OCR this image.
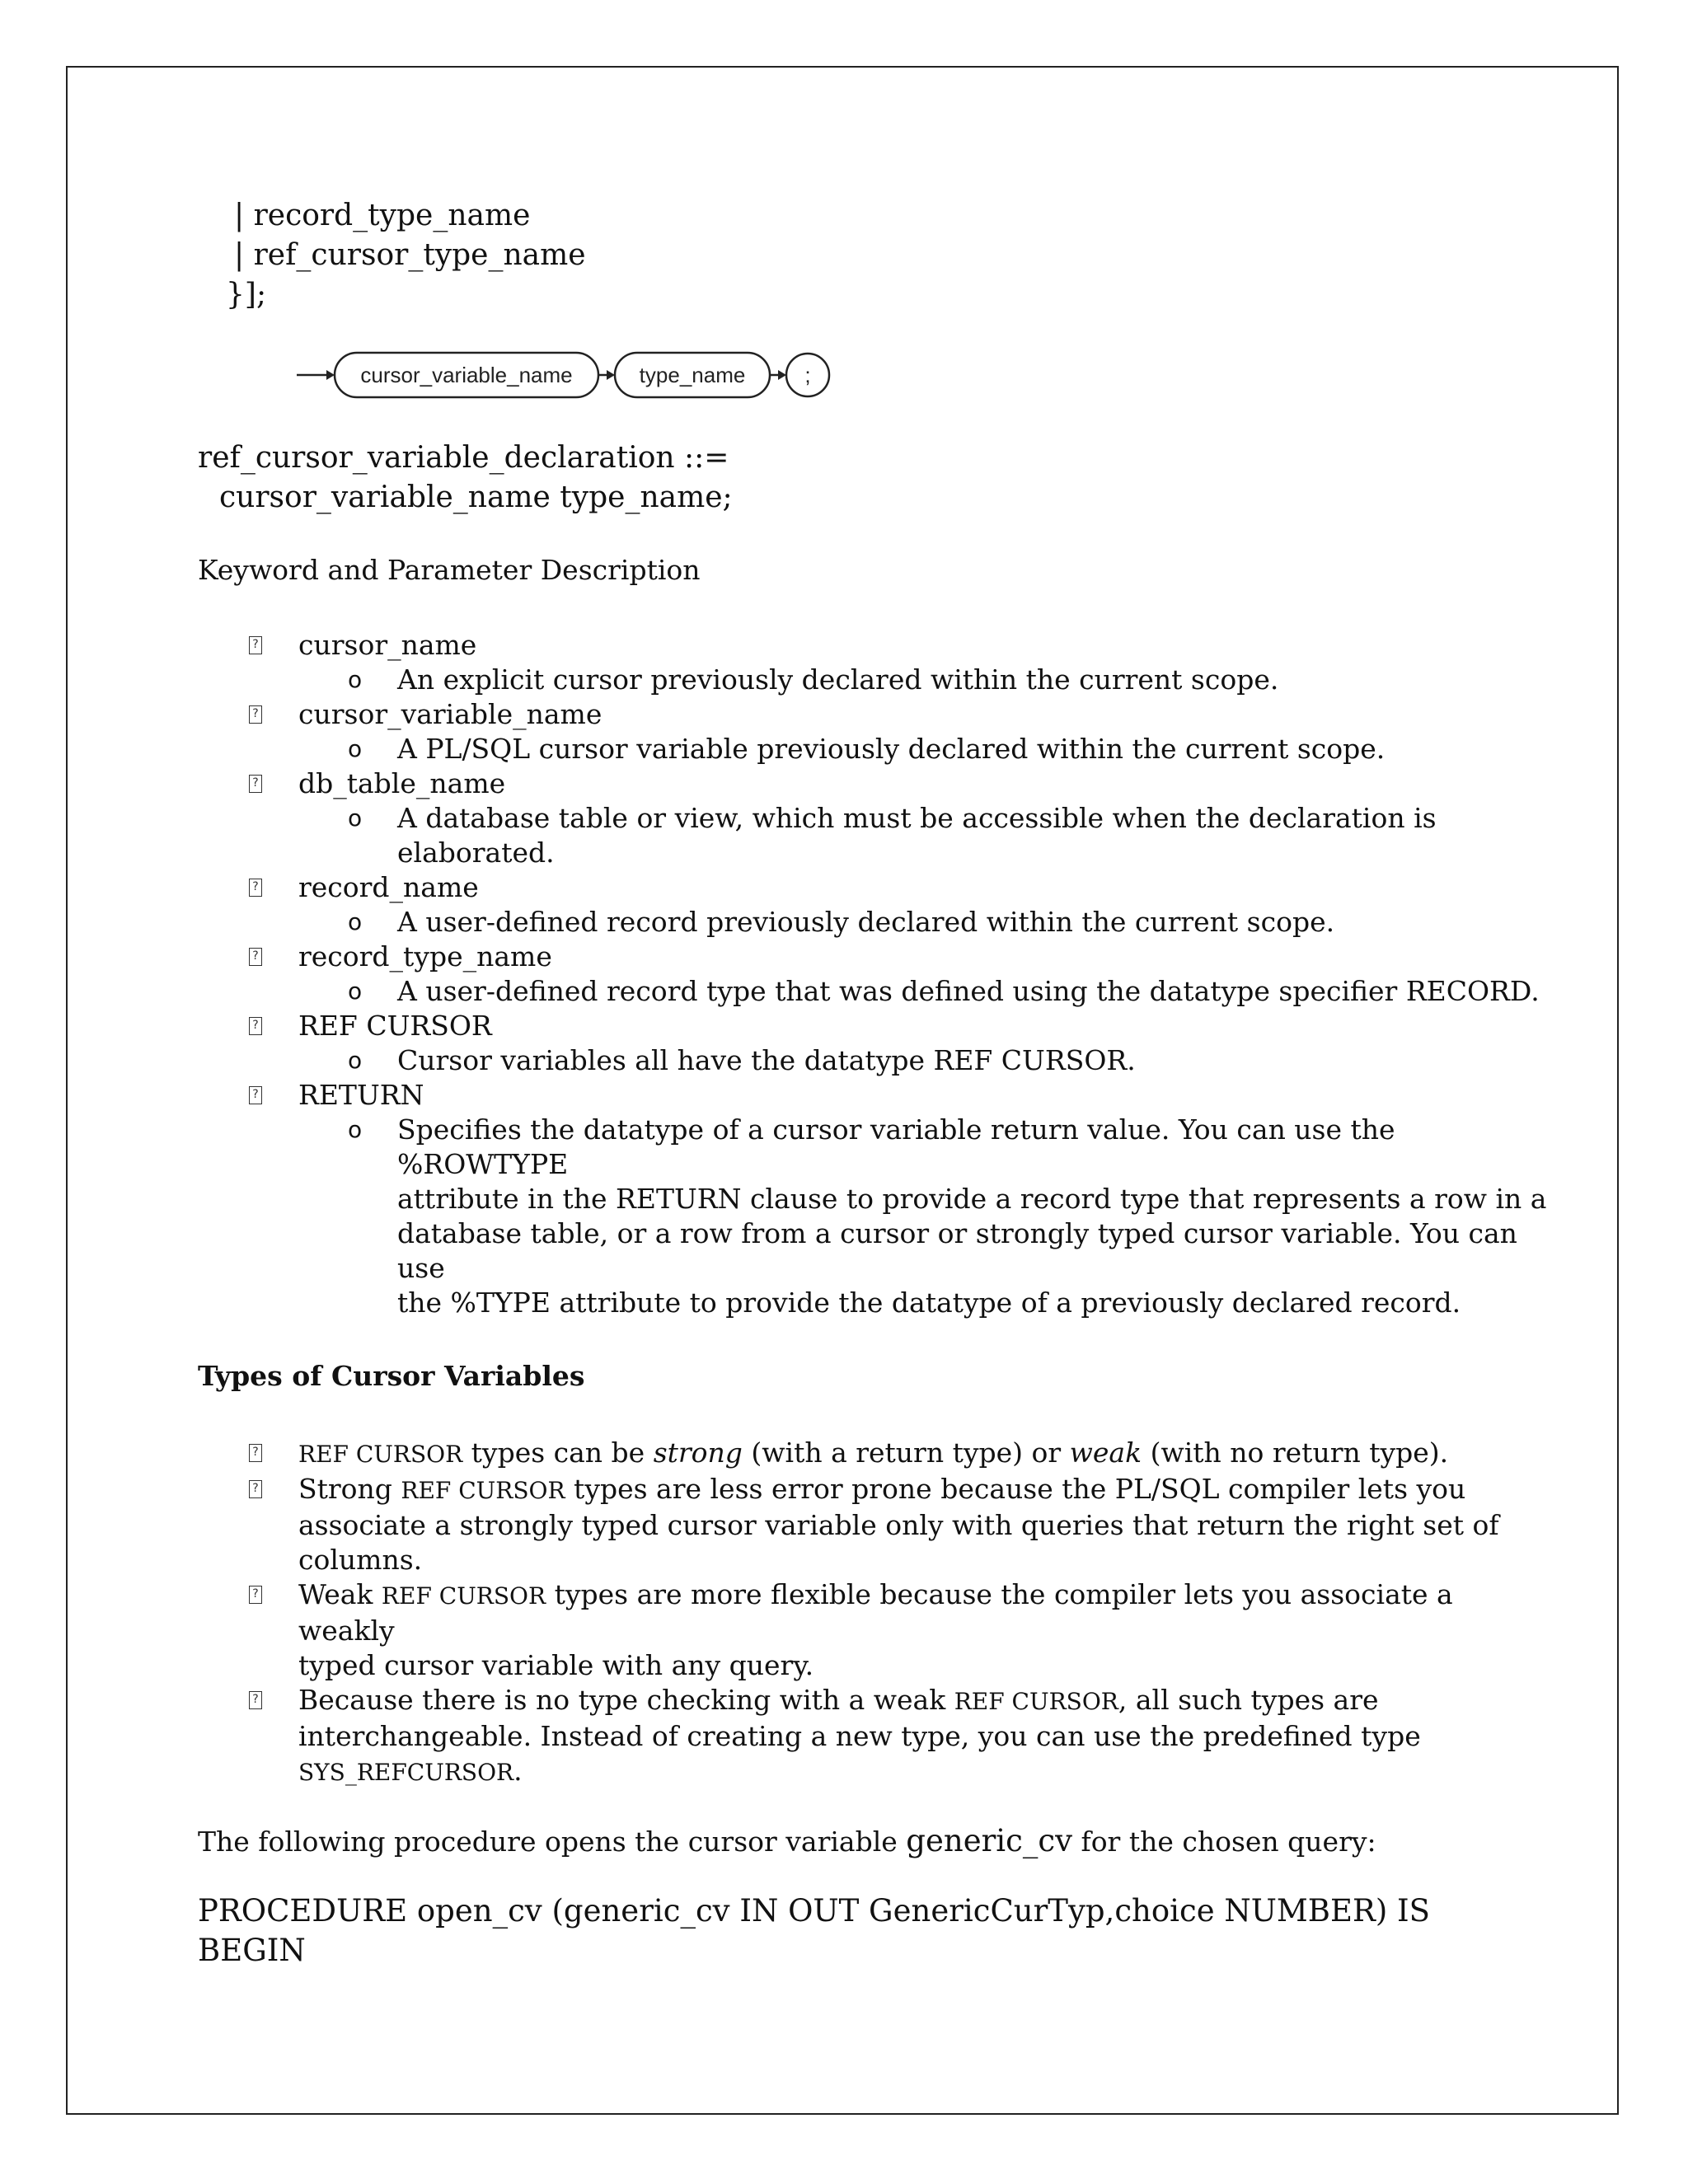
| record_type_name
| ref_cursor_type_name
}];
cursor_variable_name	type_name	;
ref_cursor_variable_declaration ::=
cursor_variable_name type_name;
Keyword and Parameter Description
?	cursor_name
o An explicit cursor previously declared within the current scope.
?	cursor_variable_name
o A PL/SQL cursor variable previously declared within the current scope.
?	db_table_name
o A database table or view, which must be accessible when the declaration is
elaborated.
?	record_name
o A user-defined record previously declared within the current scope.
?	record_type_name
o A user-defined record type that was defined using the datatype specifier RECORD.
?	REF CURSOR
o Cursor variables all have the datatype REF CURSOR.
?	RETURN
o Specifies the datatype of a cursor variable return value. You can use the %ROWTYPE
attribute in the RETURN clause to provide a record type that represents a row in a
database table, or a row from a cursor or strongly typed cursor variable. You can use
the %TYPE attribute to provide the datatype of a previously declared record.
Types of Cursor Variables
? REF CURSOR types can be strong (with a return type) or weak (with no return type).
? Strong REF CURSOR types are less error prone because the PL/SQL compiler lets you
associate a strongly typed cursor variable only with queries that return the right set of
columns.
? Weak REF CURSOR types are more flexible because the compiler lets you associate a weakly
typed cursor variable with any query.
? Because there is no type checking with a weak REF CURSOR, all such types are
interchangeable. Instead of creating a new type, you can use the predefined type
SYS_REFCURSOR.
The following procedure opens the cursor variable generic_cv for the chosen query:
PROCEDURE open_cv (generic_cv IN OUT GenericCurTyp,choice NUMBER) IS
BEGIN
